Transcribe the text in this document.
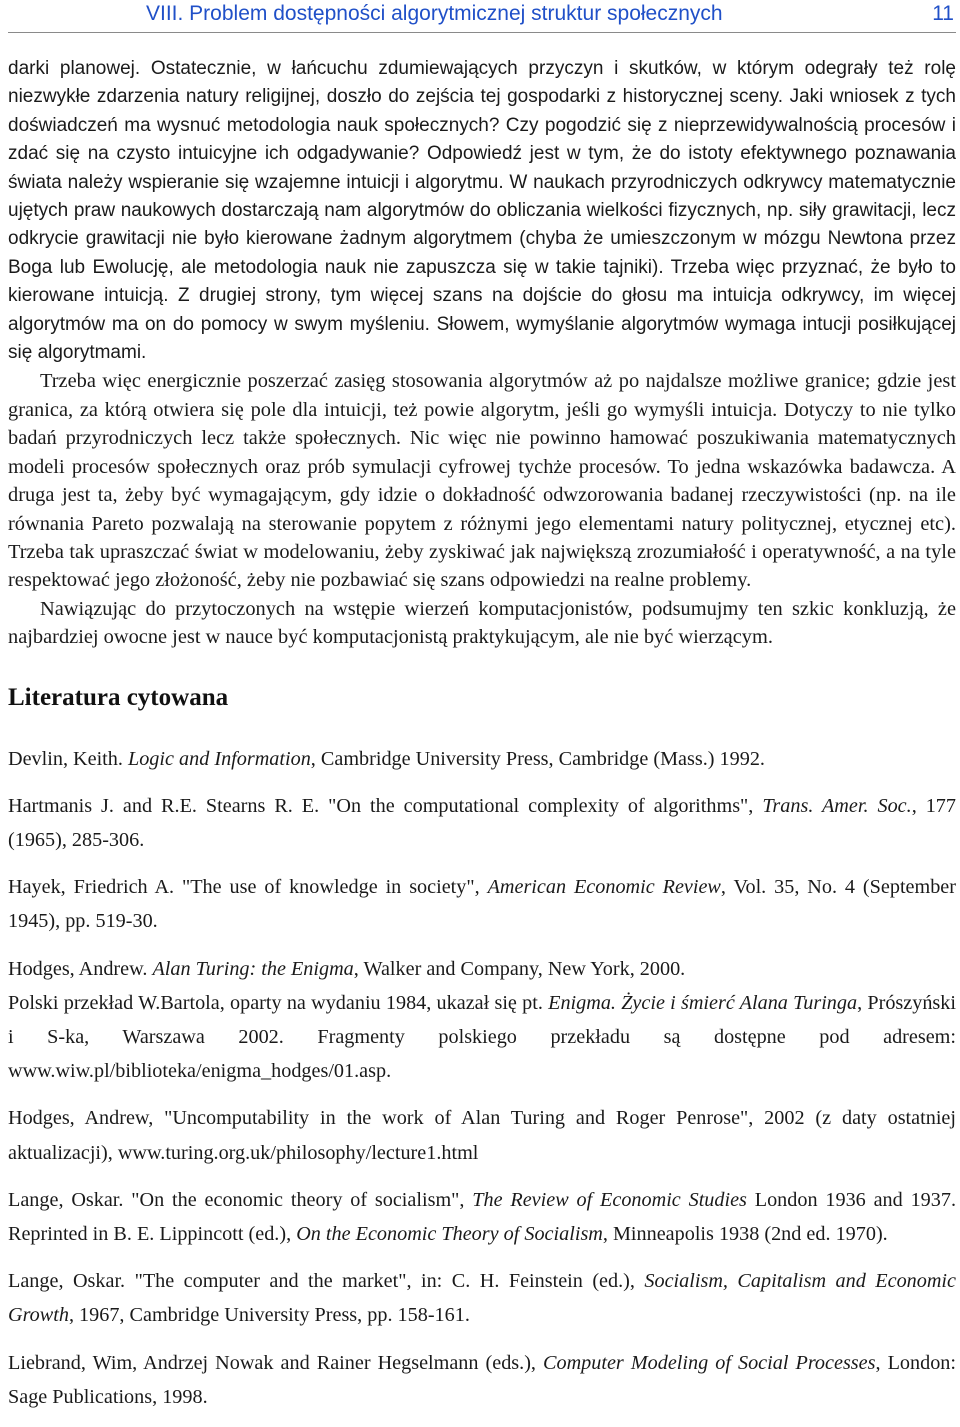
VIII. Problem dostępności algorytmicznej struktur społecznych	11

darki planowej. Ostatecznie, w łańcuchu zdumiewających przyczyn i skutków, w którym odegrały też rolę niezwykłe zdarzenia natury religijnej, doszło do zejścia tej gospodarki z historycznej sceny. Jaki wniosek z tych doświadczeń ma wysnuć metodologia nauk społecznych? Czy pogodzić się z nieprzewidywalnością procesów i zdać się na czysto intuicyjne ich odgadywanie? Odpowiedź jest w tym, że do istoty efektywnego poznawania świata należy wspieranie się wzajemne intuicji i algorytmu. W naukach przyrodniczych odkrywcy matematycznie ujętych praw naukowych dostarczają nam algorytmów do obliczania wielkości fizycznych, np. siły grawitacji, lecz odkrycie grawitacji nie było kierowane żadnym algorytmem (chyba że umieszczonym w mózgu Newtona przez Boga lub Ewolucję, ale metodologia nauk nie zapuszcza się w takie tajniki). Trzeba więc przyznać, że było to kierowane intuicją. Z drugiej strony, tym więcej szans na dojście do głosu ma intuicja odkrywcy, im więcej algorytmów ma on do pomocy w swym myśleniu. Słowem, wymyślanie algorytmów wymaga intucji posiłkującej się algorytmami.

Trzeba więc energicznie poszerzać zasięg stosowania algorytmów aż po najdalsze możliwe granice; gdzie jest granica, za którą otwiera się pole dla intuicji, też powie algorytm, jeśli go wymyśli intuicja. Dotyczy to nie tylko badań przyrodniczych lecz także społecznych. Nic więc nie powinno hamować poszukiwania matematycznych modeli procesów społecznych oraz prób symulacji cyfrowej tychże procesów. To jedna wskazówka badawcza. A druga jest ta, żeby być wymagającym, gdy idzie o dokładność odwzorowania badanej rzeczywistości (np. na ile równania Pareto pozwalają na sterowanie popytem z różnymi jego elementami natury politycznej, etycznej etc). Trzeba tak upraszczać świat w modelowaniu, żeby zyskiwać jak największą zrozumiałość i operatywność, a na tyle respektować jego złożoność, żeby nie pozbawiać się szans odpowiedzi na realne problemy.

Nawiązując do przytoczonych na wstępie wierzeń komputacjonistów, podsumujmy ten szkic konkluzją, że najbardziej owocne jest w nauce być komputacjonistą praktykującym, ale nie być wierzącym.

Literatura cytowana

Devlin, Keith. Logic and Information, Cambridge University Press, Cambridge (Mass.) 1992.

Hartmanis J. and R.E. Stearns R. E. "On the computational complexity of algorithms", Trans. Amer. Soc., 177 (1965), 285-306.

Hayek, Friedrich A. "The use of knowledge in society", American Economic Review, Vol. 35, No. 4 (September 1945), pp. 519-30.

Hodges, Andrew. Alan Turing: the Enigma, Walker and Company, New York, 2000.

Polski przekład W.Bartola, oparty na wydaniu 1984, ukazał się pt. Enigma. Życie i śmierć Alana Turinga, Prószyński i S-ka, Warszawa 2002. Fragmenty polskiego przekładu są dostępne pod adresem: www.wiw.pl/biblioteka/enigma_hodges/01.asp.

Hodges, Andrew, "Uncomputability in the work of Alan Turing and Roger Penrose", 2002 (z daty ostatniej aktualizacji), www.turing.org.uk/philosophy/lecture1.html

Lange, Oskar. "On the economic theory of socialism", The Review of Economic Studies London 1936 and 1937. Reprinted in B. E. Lippincott (ed.), On the Economic Theory of Socialism, Minneapolis 1938 (2nd ed. 1970).

Lange, Oskar. "The computer and the market", in: C. H. Feinstein (ed.), Socialism, Capitalism and Economic Growth, 1967, Cambridge University Press, pp. 158-161.

Liebrand, Wim, Andrzej Nowak and Rainer Hegselmann (eds.), Computer Modeling of Social Processes, London: Sage Publications, 1998.
